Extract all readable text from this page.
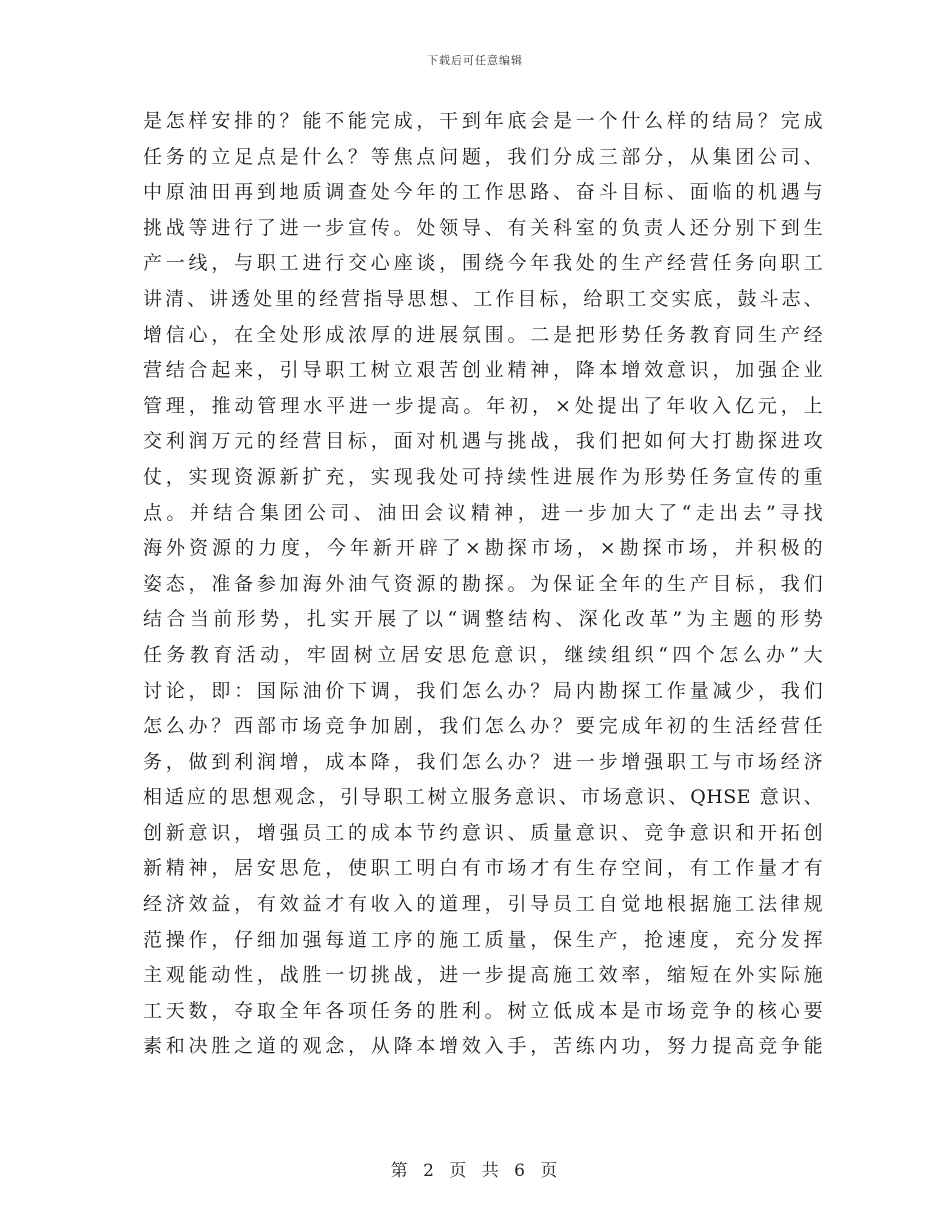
下载后可任意编辑
是怎样安排的？能不能完成，干到年底会是一个什么样的结局？完成
任务的立足点是什么？等焦点问题，我们分成三部分，从集团公司、
中原油田再到地质调查处今年的工作思路、奋斗目标、面临的机遇与
挑战等进行了进一步宣传。处领导、有关科室的负责人还分别下到生
产一线，与职工进行交心座谈，围绕今年我处的生产经营任务向职工
讲清、讲透处里的经营指导思想、工作目标，给职工交实底，鼓斗志、
增信心，在全处形成浓厚的进展氛围。二是把形势任务教育同生产经
营结合起来，引导职工树立艰苦创业精神，降本增效意识，加强企业
管理，推动管理水平进一步提高。年初，×处提出了年收入亿元，上
交利润万元的经营目标，面对机遇与挑战，我们把如何大打勘探进攻
仗，实现资源新扩充，实现我处可持续性进展作为形势任务宣传的重
点。并结合集团公司、油田会议精神，进一步加大了“走出去”寻找
海外资源的力度，今年新开辟了×勘探市场，×勘探市场，并积极的
姿态，准备参加海外油气资源的勘探。为保证全年的生产目标，我们
结合当前形势，扎实开展了以“调整结构、深化改革”为主题的形势
任务教育活动，牢固树立居安思危意识，继续组织“四个怎么办”大
讨论，即：国际油价下调，我们怎么办？局内勘探工作量减少，我们
怎么办？西部市场竞争加剧，我们怎么办？要完成年初的生活经营任
务，做到利润增，成本降，我们怎么办？进一步增强职工与市场经济
相适应的思想观念，引导职工树立服务意识、市场意识、QHSE 意识、
创新意识，增强员工的成本节约意识、质量意识、竞争意识和开拓创
新精神，居安思危，使职工明白有市场才有生存空间，有工作量才有
经济效益，有效益才有收入的道理，引导员工自觉地根据施工法律规
范操作，仔细加强每道工序的施工质量，保生产，抢速度，充分发挥
主观能动性，战胜一切挑战，进一步提高施工效率，缩短在外实际施
工天数，夺取全年各项任务的胜利。树立低成本是市场竞争的核心要
素和决胜之道的观念，从降本增效入手，苦练内功，努力提高竞争能
第 2 页 共 6 页
